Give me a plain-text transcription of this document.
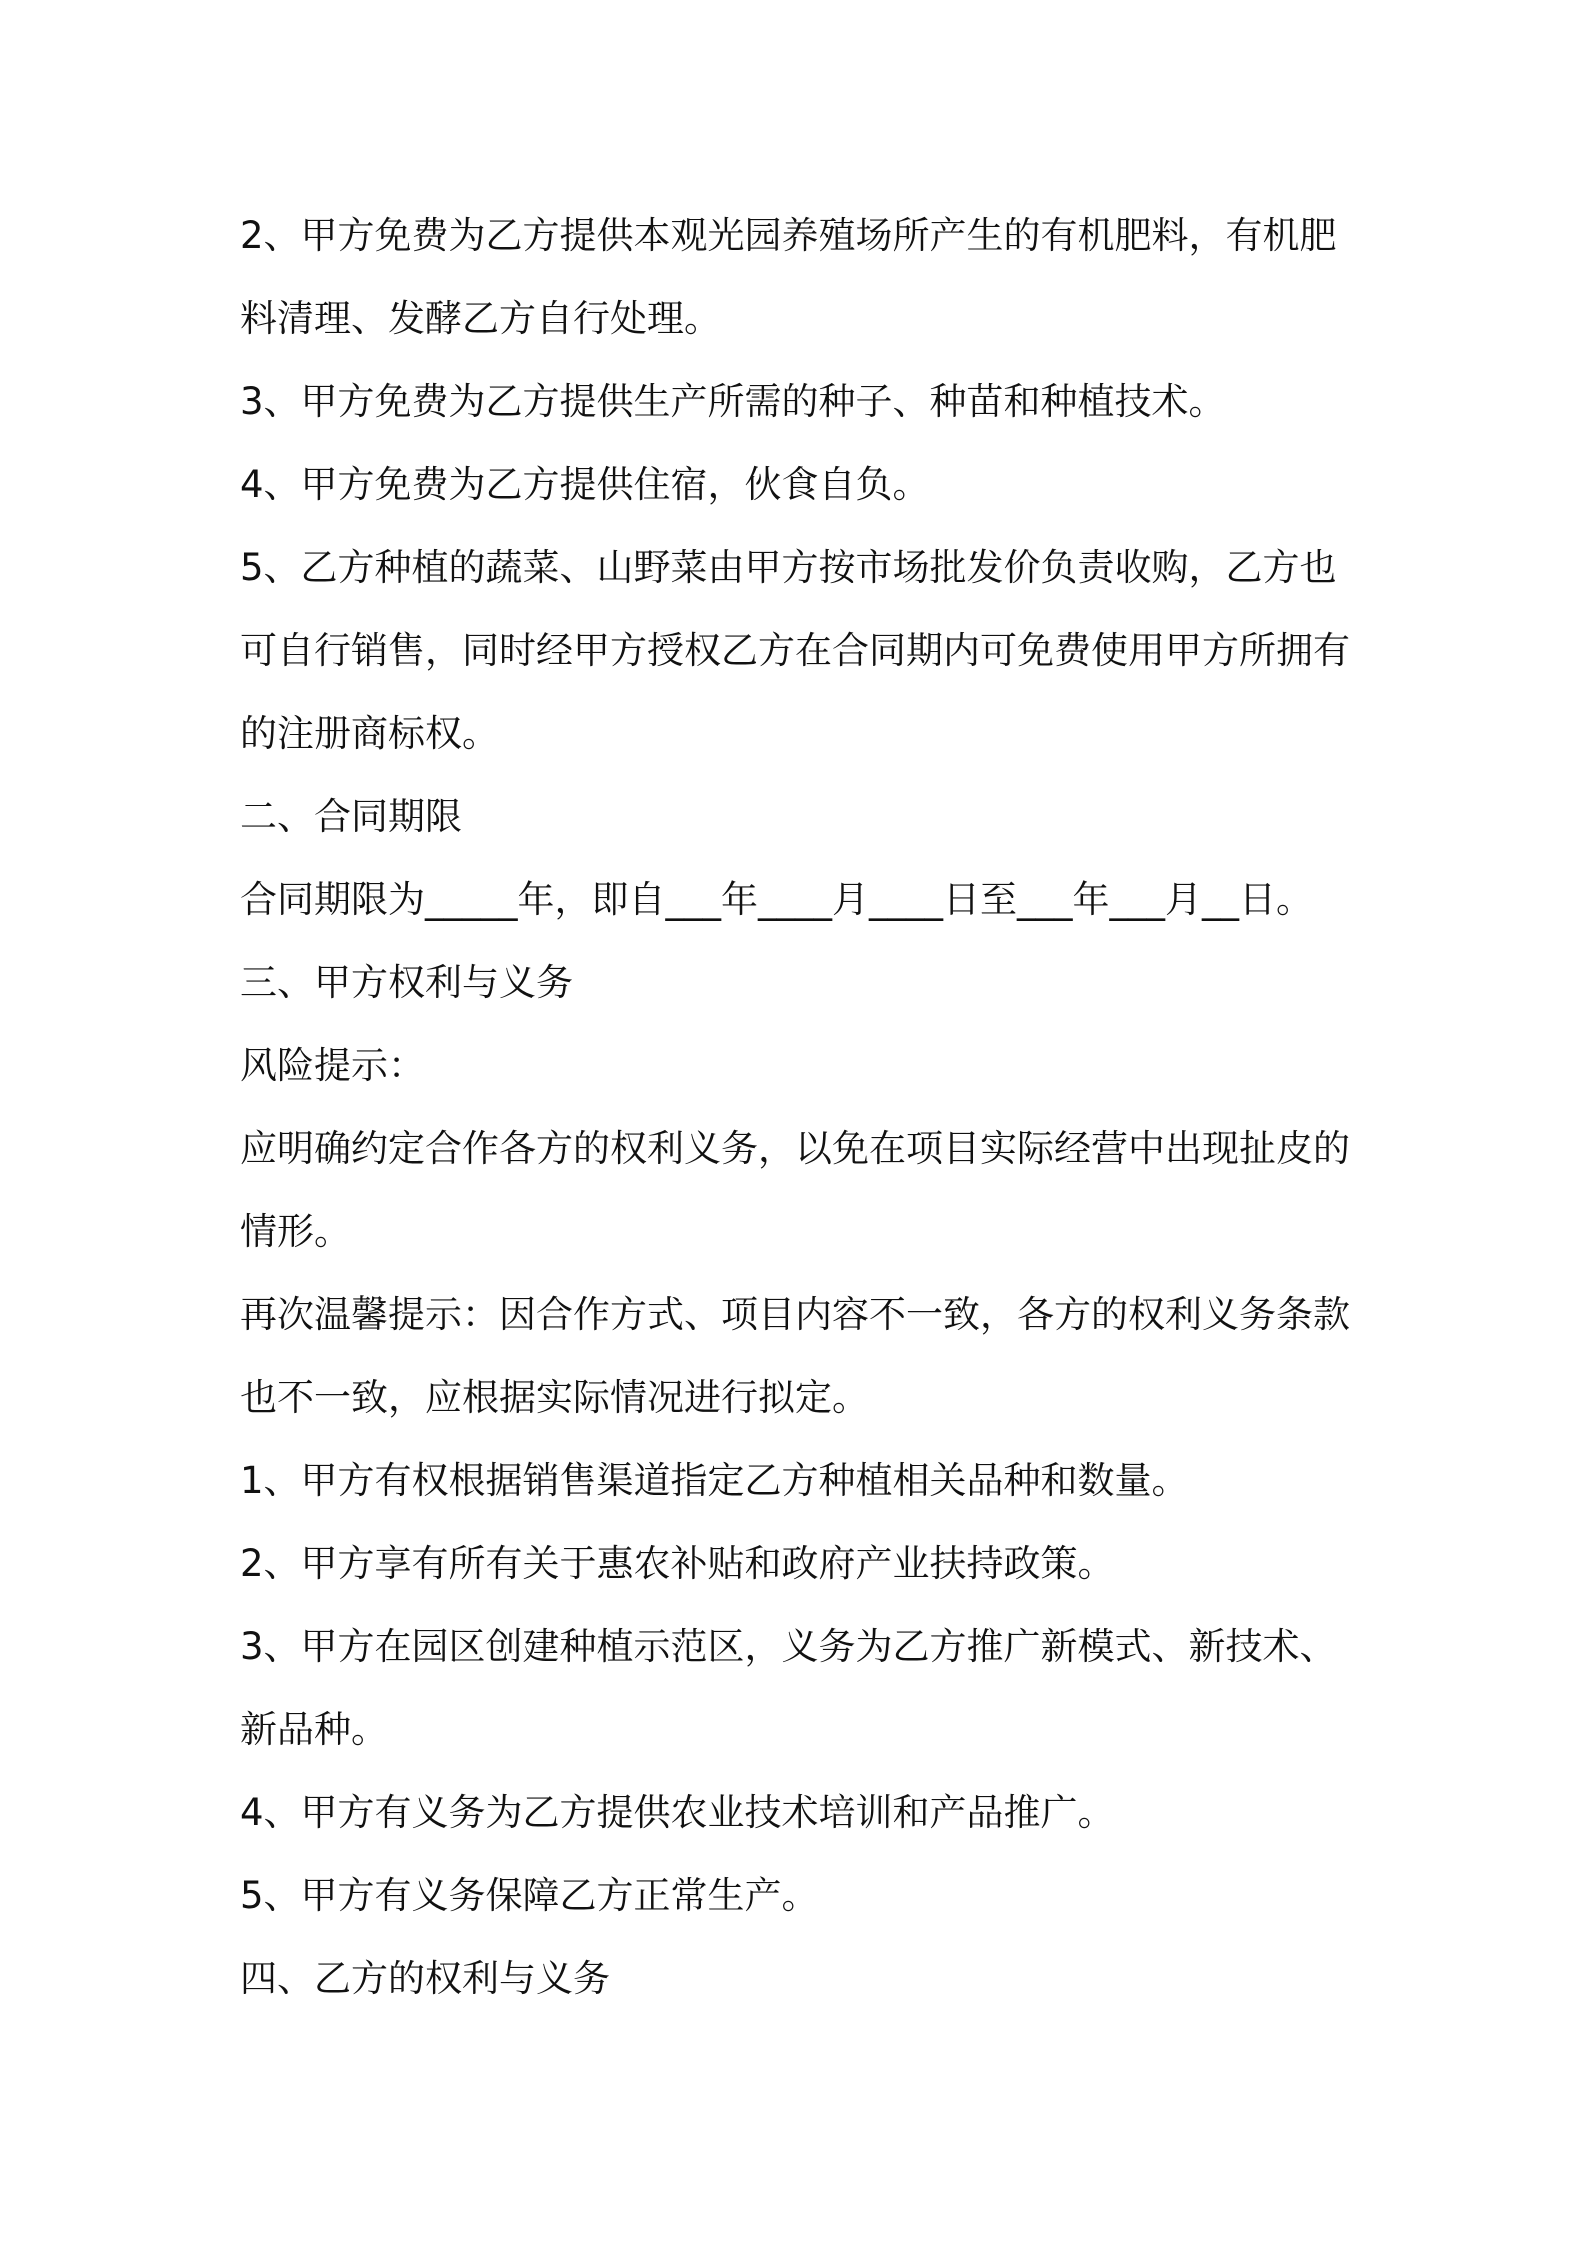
2、甲方免费为乙方提供本观光园养殖场所产生的有机肥料，有机肥
料清理、发酵乙方自行处理。
3、甲方免费为乙方提供生产所需的种子、种苗和种植技术。
4、甲方免费为乙方提供住宿，伙食自负。
5、乙方种植的蔬菜、山野菜由甲方按市场批发价负责收购，乙方也
可自行销售，同时经甲方授权乙方在合同期内可免费使用甲方所拥有
的注册商标权。
二、合同期限
合同期限为_____年，即自___年____月____日至___年___月__日。
三、甲方权利与义务
风险提示：
应明确约定合作各方的权利义务，以免在项目实际经营中出现扯皮的
情形。
再次温馨提示：因合作方式、项目内容不一致，各方的权利义务条款
也不一致，应根据实际情况进行拟定。
1、甲方有权根据销售渠道指定乙方种植相关品种和数量。
2、甲方享有所有关于惠农补贴和政府产业扶持政策。
3、甲方在园区创建种植示范区，义务为乙方推广新模式、新技术、
新品种。
4、甲方有义务为乙方提供农业技术培训和产品推广。
5、甲方有义务保障乙方正常生产。
四、乙方的权利与义务
